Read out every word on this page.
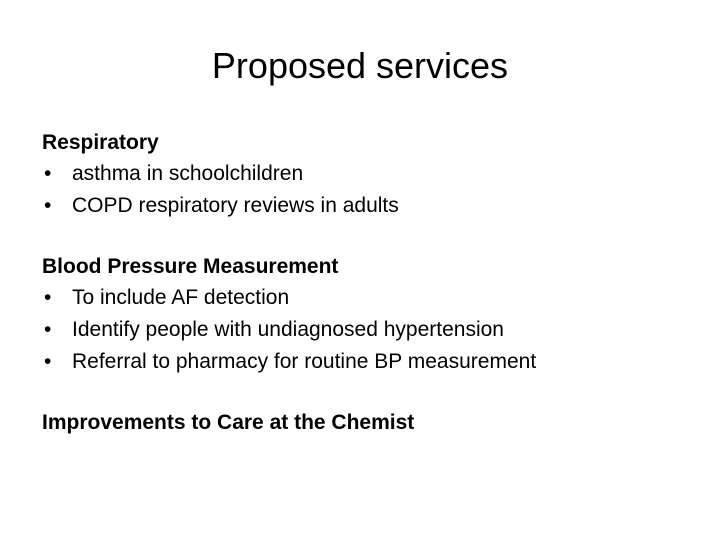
Proposed services
Respiratory
• asthma in schoolchildren
• COPD respiratory reviews in adults
Blood Pressure Measurement
• To include AF detection
• Identify people with undiagnosed hypertension
• Referral to pharmacy for routine BP measurement
Improvements to Care at the Chemist
